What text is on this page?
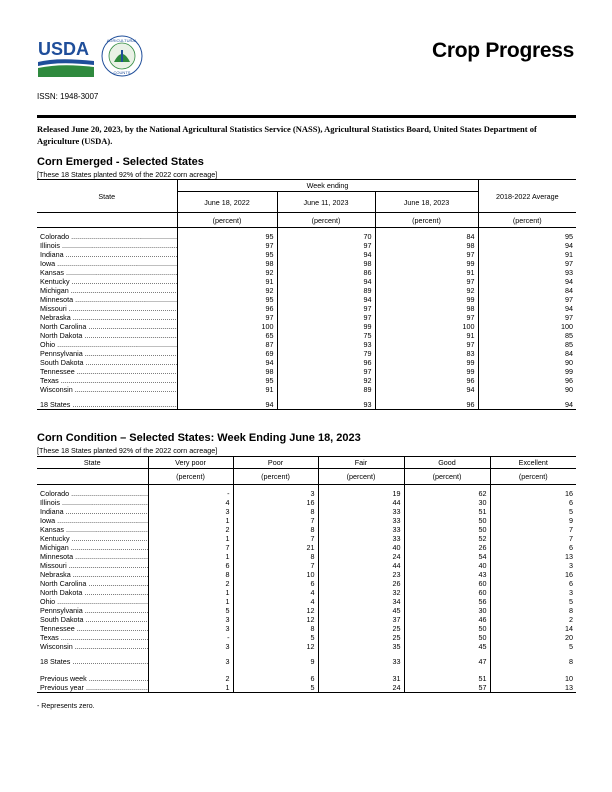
USDA	AGRICULTURAL
COUNTS
Crop Progress
ISSN: 1948-3007
Released June 20, 2023, by the National Agricultural Statistics Service (NASS), Agricultural Statistics Board, United States Department of Agriculture (USDA).
Corn Emerged - Selected States
[These 18 States planted 92% of the 2022 corn acreage]
State	Week ending			2018-2022 Average
	June 18, 2022	June 11, 2023	June 18, 2023	
	(percent)	(percent)	(percent)	(percent)

Colorado .....	95	70	84	95
Illinois .....	97	97	98	94
Indiana .....	95	94	97	91
Iowa .....	98	98	99	97
Kansas .....	92	86	91	93
Kentucky .....	91	94	97	94
Michigan .....	92	89	92	84
Minnesota .....	95	94	99	97
Missouri .....	96	97	98	94
Nebraska .....	97	97	97	97
North Carolina .....	100	99	100	100
North Dakota .....	65	75	91	85
Ohio .....	87	93	97	85
Pennsylvania .....	69	79	83	84
South Dakota .....	94	96	99	90
Tennessee .....	98	97	99	99
Texas .....	95	92	96	96
Wisconsin .....	91	89	94	90

18 States .....	94	93	96	94
Corn Condition – Selected States: Week Ending June 18, 2023
[These 18 States planted 92% of the 2022 corn acreage]
State	Very poor	Poor	Fair	Good	Excellent
	(percent)	(percent)	(percent)	(percent)	(percent)

Colorado .....	-	3	19	62	16
Illinois .....	4	16	44	30	6
Indiana .....	3	8	33	51	5
Iowa .....	1	7	33	50	9
Kansas .....	2	8	33	50	7
Kentucky .....	1	7	33	52	7
Michigan .....	7	21	40	26	6
Minnesota .....	1	8	24	54	13
Missouri .....	6	7	44	40	3
Nebraska .....	8	10	23	43	16
North Carolina .....	2	6	26	60	6
North Dakota .....	1	4	32	60	3
Ohio .....	1	4	34	56	5
Pennsylvania .....	5	12	45	30	8
South Dakota .....	3	12	37	46	2
Tennessee .....	3	8	25	50	14
Texas .....	-	5	25	50	20
Wisconsin .....	3	12	35	45	5

18 States .....	3	9	33	47	8

Previous week .....	2	6	31	51	10
Previous year .....	1	5	24	57	13
- Represents zero.
